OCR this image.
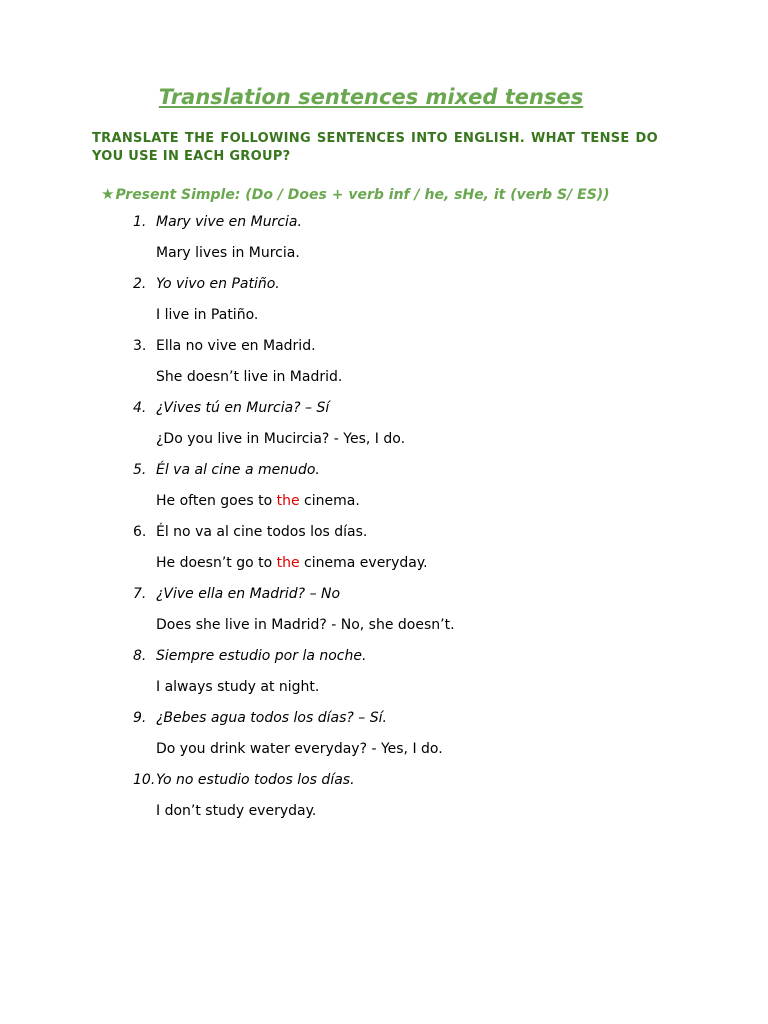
Translation sentences mixed tenses
TRANSLATE THE FOLLOWING SENTENCES INTO ENGLISH. WHAT TENSE DO YOU USE IN EACH GROUP?
★Present Simple: (Do / Does + verb inf / he, sHe, it (verb S/ ES))
1. Mary vive en Murcia.
Mary lives in Murcia.
2. Yo vivo en Patiño.
I live in Patiño.
3. Ella no vive en Madrid.
She doesn’t live in Madrid.
4. ¿Vives tú en Murcia? – Sí
¿Do you live in Mucircia? - Yes, I do.
5. Él va al cine a menudo.
He often goes to the cinema.
6. Él no va al cine todos los días.
He doesn’t go to the cinema everyday.
7. ¿Vive ella en Madrid? – No
Does she live in Madrid? - No, she doesn’t.
8. Siempre estudio por la noche.
I always study at night.
9. ¿Bebes agua todos los días? – Sí.
Do you drink water everyday? - Yes, I do.
10. Yo no estudio todos los días.
I don’t study everyday.
